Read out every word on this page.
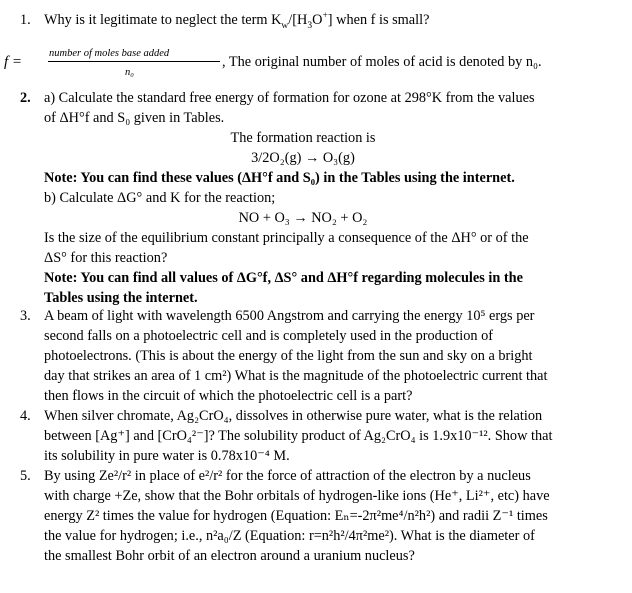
1. Why is it legitimate to neglect the term $K_w/[H_3O^+]$ when f is small?
f =
number of moles base added
n₀
, The original number of moles of acid is denoted by n₀.
2. a) Calculate the standard free energy of formation for ozone at 298°K from the values
of ΔH°f and S₀ given in Tables.
The formation reaction is
3/2O₂(g) → O₃(g)
Note: You can find these values (ΔH°f and S₀) in the Tables using the internet.
b) Calculate ΔG° and K for the reaction;
NO + O₃ → NO₂ + O₂
Is the size of the equilibrium constant principally a consequence of the ΔH° or of the
ΔS° for this reaction?
Note: You can find all values of ΔG°f, ΔS° and ΔH°f regarding molecules in the
Tables using the internet.
3. A beam of light with wavelength 6500 Angstrom and carrying the energy 10⁵ ergs per
second falls on a photoelectric cell and is completely used in the production of
photoelectrons. (This is about the energy of the light from the sun and sky on a bright
day that strikes an area of 1 cm²) What is the magnitude of the photoelectric current that
then flows in the circuit of which the photoelectric cell is a part?
4. When silver chromate, Ag₂CrO₄, dissolves in otherwise pure water, what is the relation
between [Ag⁺] and [CrO₄²⁻]? The solubility product of Ag₂CrO₄ is 1.9x10⁻¹². Show that
its solubility in pure water is 0.78x10⁻⁴ M.
5. By using Ze²/r² in place of e²/r² for the force of attraction of the electron by a nucleus
with charge +Ze, show that the Bohr orbitals of hydrogen-like ions (He⁺, Li²⁺, etc) have
energy Z² times the value for hydrogen (Equation: Eₙ=-2π²me⁴/n²h²) and radii Z⁻¹ times
the value for hydrogen; i.e., n²a₀/Z (Equation: r=n²h²/4π²me²). What is the diameter of
the smallest Bohr orbit of an electron around a uranium nucleus?
